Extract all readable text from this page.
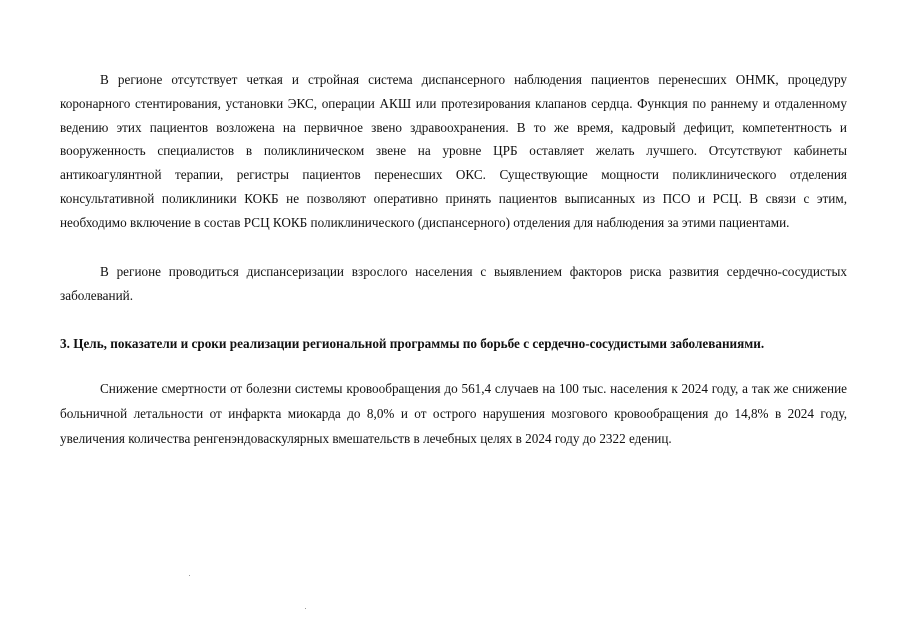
В регионе отсутствует четкая и стройная система диспансерного наблюдения пациентов перенесших ОНМК, процедуру коронарного стентирования, установки ЭКС, операции АКШ или протезирования клапанов сердца. Функция по раннему и отдаленному ведению этих пациентов возложена на первичное звено здравоохранения. В то же время, кадровый дефицит, компетентность и вооруженность специалистов в поликлиническом звене на уровне ЦРБ оставляет желать лучшего. Отсутствуют кабинеты антикоагулянтной терапии, регистры пациентов перенесших ОКС. Существующие мощности поликлинического отделения консультативной поликлиники КОКБ не позволяют оперативно принять пациентов выписанных из ПСО и РСЦ. В связи с этим, необходимо включение в состав РСЦ КОКБ поликлинического (диспансерного) отделения для наблюдения за этими пациентами.

В регионе проводиться диспансеризации взрослого населения с выявлением факторов риска развития сердечно-сосудистых заболеваний.

3. Цель, показатели и сроки реализации региональной программы по борьбе с сердечно-сосудистыми заболеваниями.

Снижение смертности от болезни системы кровообращения до 561,4 случаев на 100 тыс. населения к 2024 году, а так же снижение больничной летальности от инфаркта миокарда до 8,0% и от острого нарушения мозгового кровообращения до 14,8% в 2024 году, увеличения количества ренгенэндоваскулярных вмешательств в лечебных целях в 2024 году до 2322 едениц.
